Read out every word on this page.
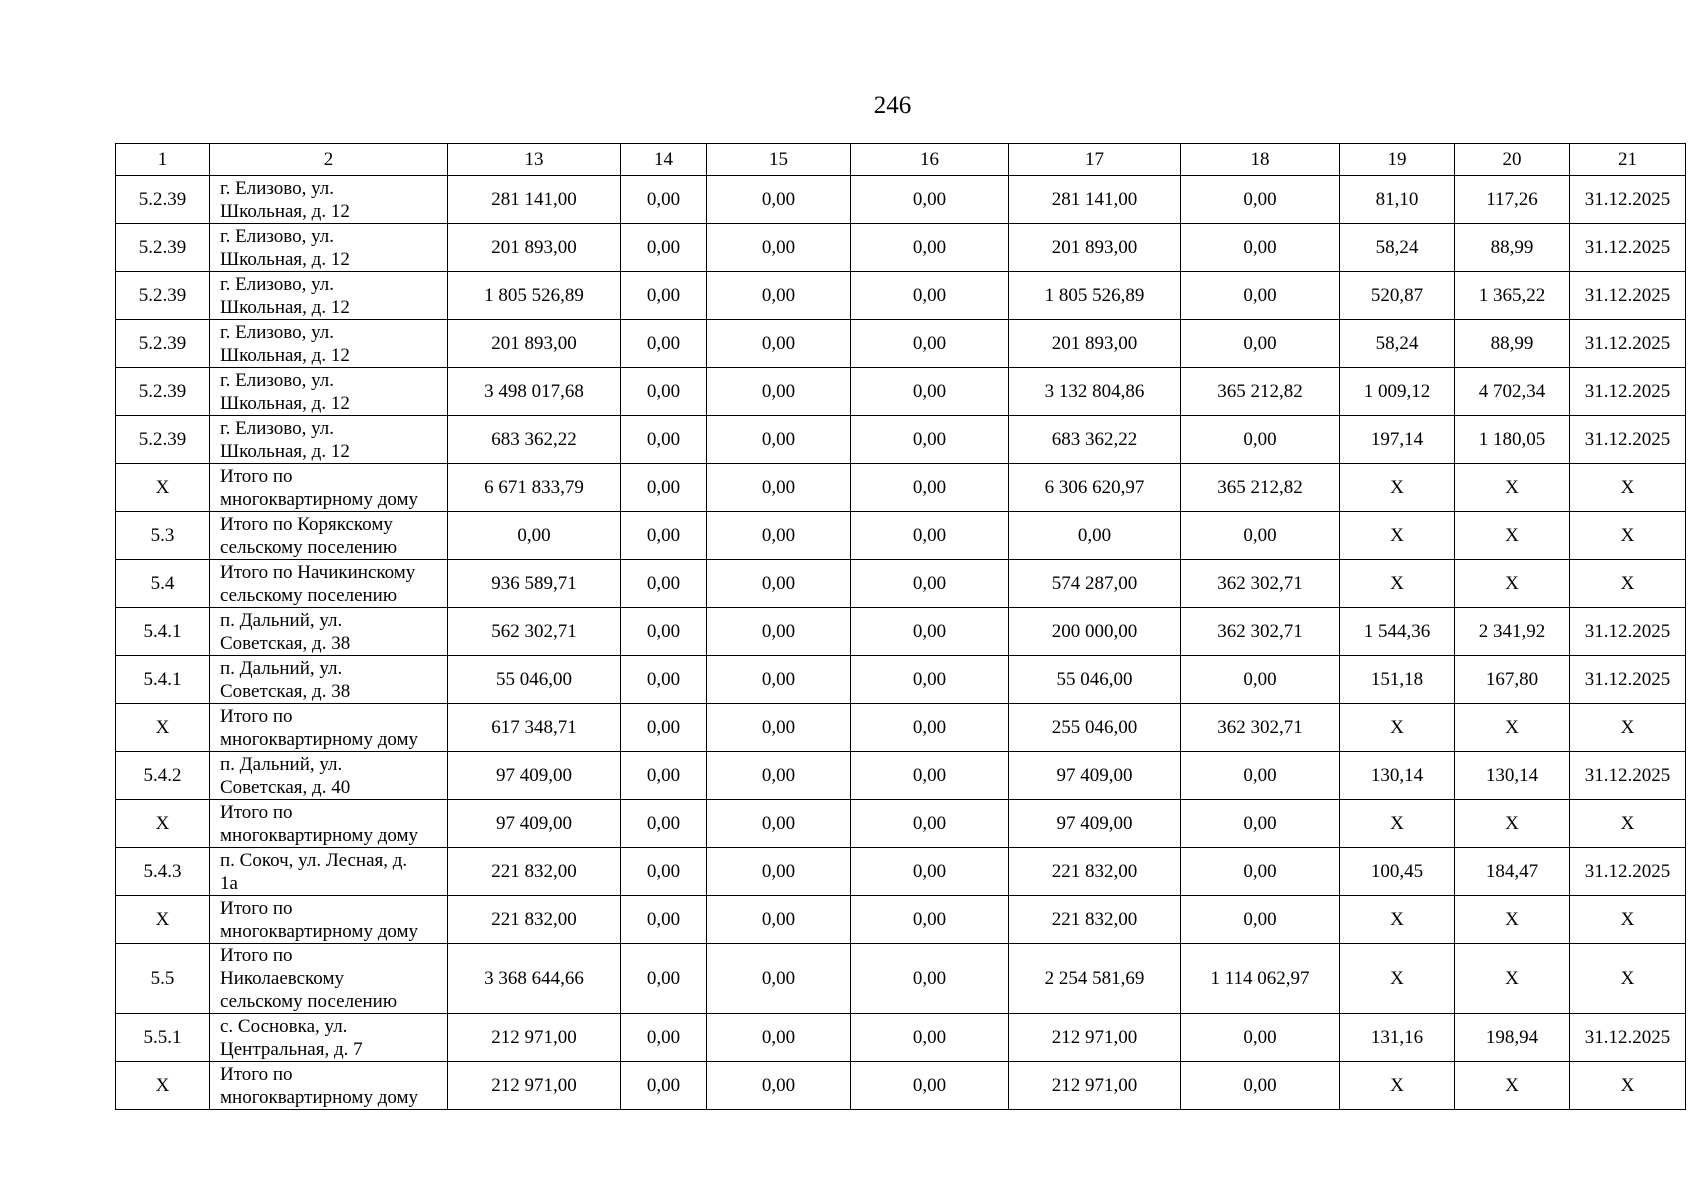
246
1	2	13	14	15	16	17	18	19	20	21
5.2.39	г. Елизово, ул.
Школьная, д. 12	281 141,00	0,00	0,00	0,00	281 141,00	0,00	81,10	117,26	31.12.2025
5.2.39	г. Елизово, ул.
Школьная, д. 12	201 893,00	0,00	0,00	0,00	201 893,00	0,00	58,24	88,99	31.12.2025
5.2.39	г. Елизово, ул.
Школьная, д. 12	1 805 526,89	0,00	0,00	0,00	1 805 526,89	0,00	520,87	1 365,22	31.12.2025
5.2.39	г. Елизово, ул.
Школьная, д. 12	201 893,00	0,00	0,00	0,00	201 893,00	0,00	58,24	88,99	31.12.2025
5.2.39	г. Елизово, ул.
Школьная, д. 12	3 498 017,68	0,00	0,00	0,00	3 132 804,86	365 212,82	1 009,12	4 702,34	31.12.2025
5.2.39	г. Елизово, ул.
Школьная, д. 12	683 362,22	0,00	0,00	0,00	683 362,22	0,00	197,14	1 180,05	31.12.2025
X	Итого по
многоквартирному дому	6 671 833,79	0,00	0,00	0,00	6 306 620,97	365 212,82	X	X	X
5.3	Итого по Корякскому
сельскому поселению	0,00	0,00	0,00	0,00	0,00	0,00	X	X	X
5.4	Итого по Начикинскому
сельскому поселению	936 589,71	0,00	0,00	0,00	574 287,00	362 302,71	X	X	X
5.4.1	п. Дальний, ул.
Советская, д. 38	562 302,71	0,00	0,00	0,00	200 000,00	362 302,71	1 544,36	2 341,92	31.12.2025
5.4.1	п. Дальний, ул.
Советская, д. 38	55 046,00	0,00	0,00	0,00	55 046,00	0,00	151,18	167,80	31.12.2025
X	Итого по
многоквартирному дому	617 348,71	0,00	0,00	0,00	255 046,00	362 302,71	X	X	X
5.4.2	п. Дальний, ул.
Советская, д. 40	97 409,00	0,00	0,00	0,00	97 409,00	0,00	130,14	130,14	31.12.2025
X	Итого по
многоквартирному дому	97 409,00	0,00	0,00	0,00	97 409,00	0,00	X	X	X
5.4.3	п. Сокоч, ул. Лесная, д.
1а	221 832,00	0,00	0,00	0,00	221 832,00	0,00	100,45	184,47	31.12.2025
X	Итого по
многоквартирному дому	221 832,00	0,00	0,00	0,00	221 832,00	0,00	X	X	X
5.5	Итого по
Николаевскому
сельскому поселению	3 368 644,66	0,00	0,00	0,00	2 254 581,69	1 114 062,97	X	X	X
5.5.1	с. Сосновка, ул.
Центральная, д. 7	212 971,00	0,00	0,00	0,00	212 971,00	0,00	131,16	198,94	31.12.2025
X	Итого по
многоквартирному дому	212 971,00	0,00	0,00	0,00	212 971,00	0,00	X	X	X
